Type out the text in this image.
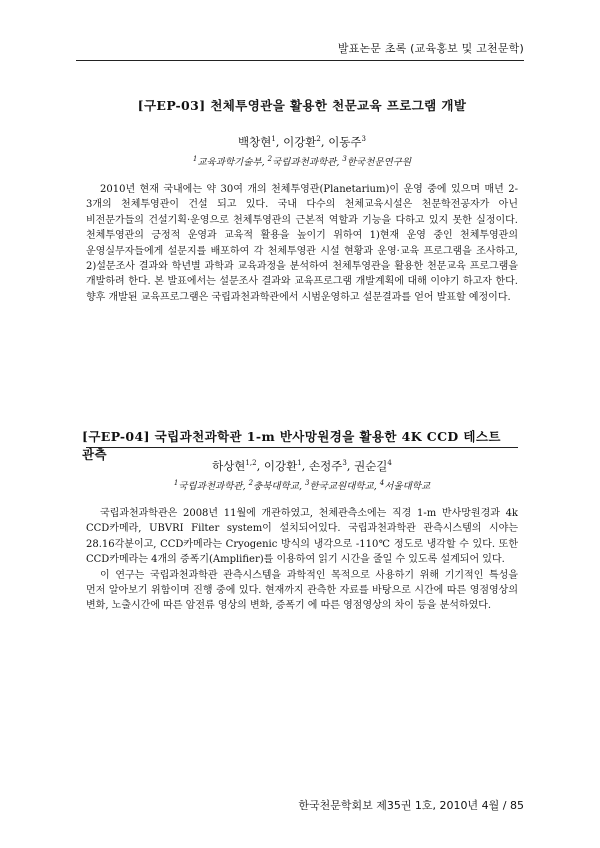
발표논문 초록 (교육홍보 및 고천문학)
[구EP-03] 천체투영관을 활용한 천문교육 프로그램 개발
백창현$^1$, 이강환$^2$, 이동주$^3$
$^1$교육과학기술부, $^2$국립과천과학관, $^3$한국천문연구원

2010년 현재 국내에는 약 30여 개의 천체투영관(Planetarium)이 운영 중에 있으며 매년 2-3개의 천체투영관이 건설 되고 있다. 국내 다수의 천체교육시설은 천문학전공자가 아닌 비전문가들의 건설기획·운영으로 천체투영관의 근본적 역할과 기능을 다하고 있지 못한 실정이다. 천체투영관의 긍정적 운영과 교육적 활용을 높이기 위하여 1)현재 운영 중인 천체투영관의 운영실무자들에게 설문지를 배포하여 각 천체투영관 시설 현황과 운영·교육 프로그램을 조사하고, 2)설문조사 결과와 학년별 과학과 교육과정을 분석하여 천체투영관을 활용한 천문교육 프로그램을 개발하려 한다. 본 발표에서는 설문조사 결과와 교육프로그램 개발계획에 대해 이야기 하고자 한다. 향후 개발된 교육프로그램은 국립과천과학관에서 시범운영하고 설문결과를 얻어 발표할 예정이다.

[구EP-04] 국립과천과학관 1-m 반사망원경을 활용한 4K CCD 테스트 관측
하상현$^{1,2}$, 이강환$^1$, 손정주$^3$, 권순길$^4$
$^1$국립과천과학관, $^2$충북대학교, $^3$한국교원대학교, $^4$서울대학교

국립과천과학관은 2008년 11월에 개관하였고, 천체관측소에는 직경 1-m 반사망원경과 4k CCD카메라, UBVRI Filter system이 설치되어있다. 국립과천과학관 관측시스템의 시야는 28.16각분이고, CCD카메라는 Cryogenic 방식의 냉각으로 -110℃ 정도로 냉각할 수 있다. 또한 CCD카메라는 4개의 증폭기(Amplifier)를 이용하여 읽기 시간을 줄일 수 있도록 설계되어 있다.

이 연구는 국립과천과학관 관측시스템을 과학적인 목적으로 사용하기 위해 기기적인 특성을 먼저 알아보기 위함이며 진행 중에 있다. 현재까지 관측한 자료를 바탕으로 시간에 따른 영점영상의 변화, 노출시간에 따른 암전류 영상의 변화, 증폭기 에 따른 영점영상의 차이 등을 분석하였다.

한국천문학회보 제35권 1호, 2010년 4월 / 85
